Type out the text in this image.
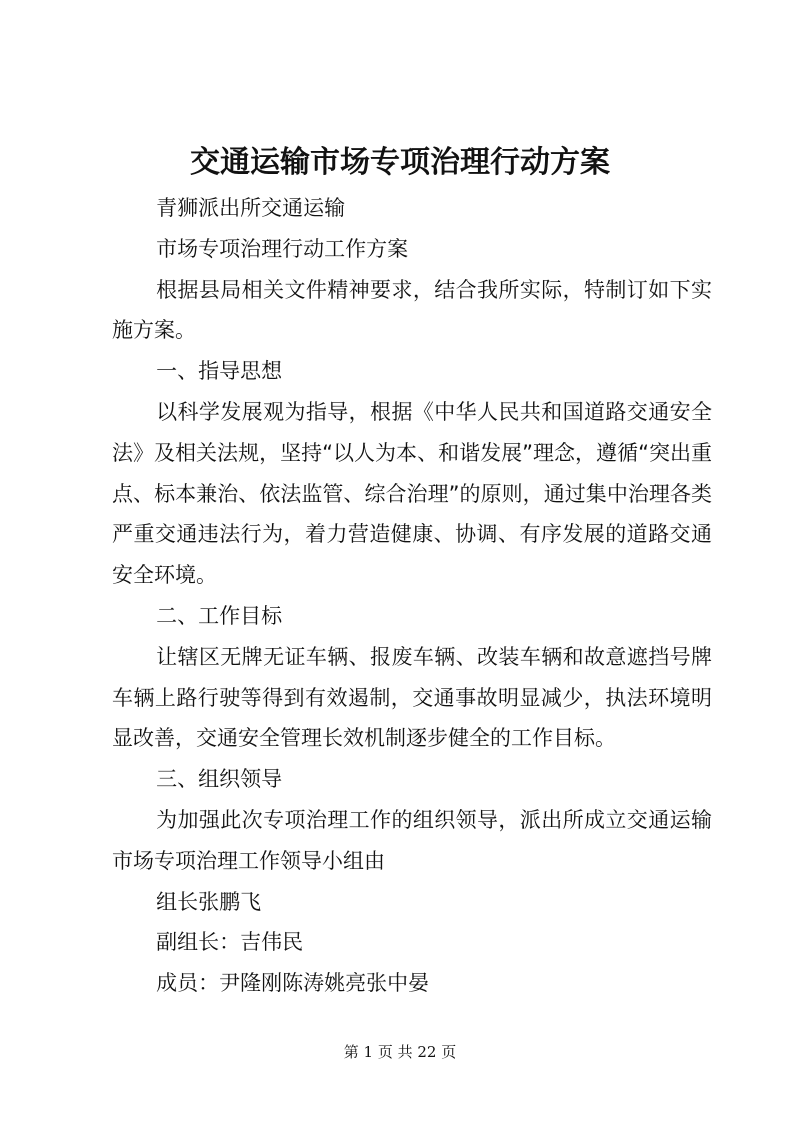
交通运输市场专项治理行动方案

青狮派出所交通运输

市场专项治理行动工作方案

根据县局相关文件精神要求，结合我所实际，特制订如下实施方案。

一、指导思想

以科学发展观为指导，根据《中华人民共和国道路交通安全法》及相关法规，坚持“以人为本、和谐发展”理念，遵循“突出重点、标本兼治、依法监管、综合治理”的原则，通过集中治理各类严重交通违法行为，着力营造健康、协调、有序发展的道路交通安全环境。

二、工作目标

让辖区无牌无证车辆、报废车辆、改装车辆和故意遮挡号牌车辆上路行驶等得到有效遏制，交通事故明显减少，执法环境明显改善，交通安全管理长效机制逐步健全的工作目标。

三、组织领导

为加强此次专项治理工作的组织领导，派出所成立交通运输市场专项治理工作领导小组由

组长张鹏飞

副组长：吉伟民

成员：尹隆刚陈涛姚亮张中晏

第 1 页 共 22 页
